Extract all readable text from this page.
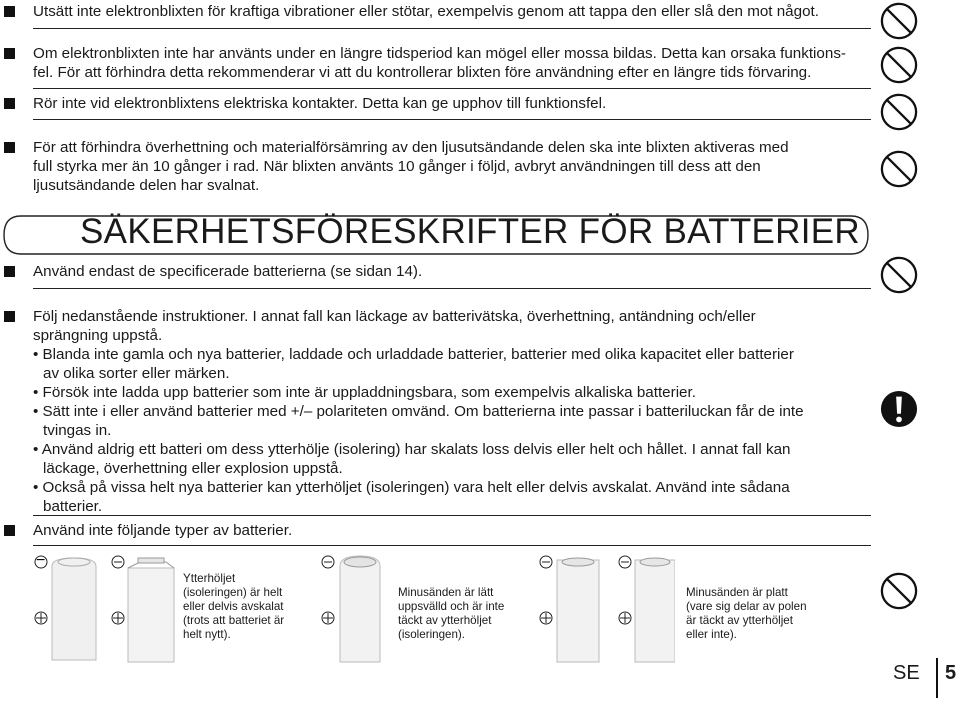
Utsätt inte elektronblixten för kraftiga vibrationer eller stötar, exempelvis genom att tappa den eller slå den mot något.
Om elektronblixten inte har använts under en längre tidsperiod kan mögel eller mossa bildas. Detta kan orsaka funktions-
fel. För att förhindra detta rekommenderar vi att du kontrollerar blixten före användning efter en längre tids förvaring.
Rör inte vid elektronblixtens elektriska kontakter. Detta kan ge upphov till funktionsfel.
För att förhindra överhettning och materialförsämring av den ljusutsändande delen ska inte blixten aktiveras med
full styrka mer än 10 gånger i rad. När blixten använts 10 gånger i följd, avbryt användningen till dess att den
ljusutsändande delen har svalnat.
SÄKERHETSFÖRESKRIFTER FÖR BATTERIER
Använd endast de specificerade batterierna (se sidan 14).
Följ nedanstående instruktioner. I annat fall kan läckage av batterivätska, överhettning, antändning och/eller
sprängning uppstå.
• Blanda inte gamla och nya batterier, laddade och urladdade batterier, batterier med olika kapacitet eller batterier
av olika sorter eller märken.
• Försök inte ladda upp batterier som inte är uppladdningsbara, som exempelvis alkaliska batterier.
• Sätt inte i eller använd batterier med +/– polariteten omvänd. Om batterierna inte passar i batteriluckan får de inte
tvingas in.
• Använd aldrig ett batteri om dess ytterhölje (isolering) har skalats loss delvis eller helt och hållet. I annat fall kan
läckage, överhettning eller explosion uppstå.
• Också på vissa helt nya batterier kan ytterhöljet (isoleringen) vara helt eller delvis avskalat. Använd inte sådana
batterier.
Använd inte följande typer av batterier.
−
Ytterhöljet
(isoleringen) är helt
eller delvis avskalat
(trots att batteriet är
helt nytt).
Minusänden är lätt
uppsvälld och är inte
täckt av ytterhöljet
(isoleringen).
Minusänden är platt
(vare sig delar av polen
är täckt av ytterhöljet
eller inte).
SE 5
